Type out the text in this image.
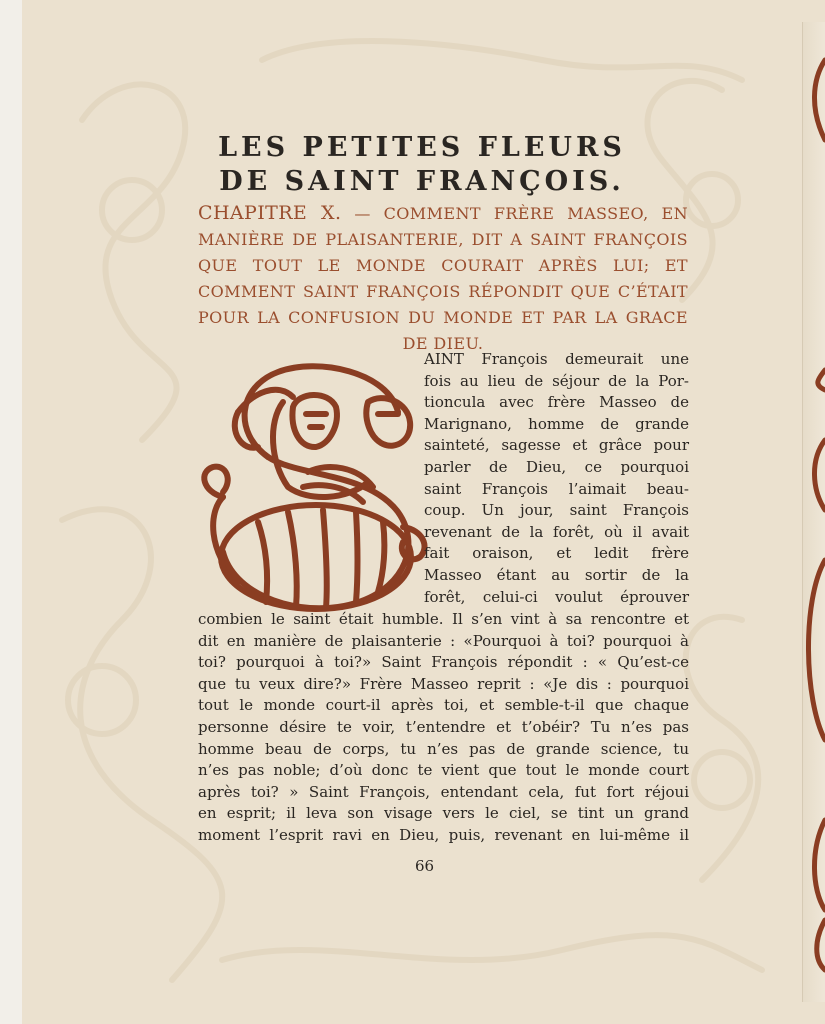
LES PETITES FLEURS
DE SAINT FRANÇOIS.
CHAPITRE X. — COMMENT FRÈRE MASSEO, EN MANIÈRE DE PLAISANTERIE, DIT A SAINT FRANÇOIS QUE TOUT LE MONDE COURAIT APRÈS LUI; ET COMMENT SAINT FRANÇOIS RÉPONDIT QUE C’ÉTAIT POUR LA CONFUSION DU MONDE ET PAR LA GRACE DE DIEU.
AINT François demeurait une
fois au lieu de séjour de la Por-
tioncula avec frère Masseo de
Marignano, homme de grande
sainteté, sagesse et grâce pour
parler de Dieu, ce pourquoi
saint François l’aimait beau-
coup. Un jour, saint François
revenant de la forêt, où il avait
fait oraison, et ledit frère
Masseo étant au sortir de la
forêt, celui-ci voulut éprouver
combien le saint était humble. Il s’en vint à sa rencontre et
dit en manière de plaisanterie : «Pourquoi à toi? pourquoi à
toi? pourquoi à toi?» Saint François répondit : « Qu’est-ce
que tu veux dire?» Frère Masseo reprit : «Je dis : pourquoi
tout le monde court-il après toi, et semble-t-il que chaque
personne désire te voir, t’entendre et t’obéir? Tu n’es pas
homme beau de corps, tu n’es pas de grande science, tu
n’es pas noble; d’où donc te vient que tout le monde court
après toi? » Saint François, entendant cela, fut fort réjoui
en esprit; il leva son visage vers le ciel, se tint un grand
moment l’esprit ravi en Dieu, puis, revenant en lui-même il
66
